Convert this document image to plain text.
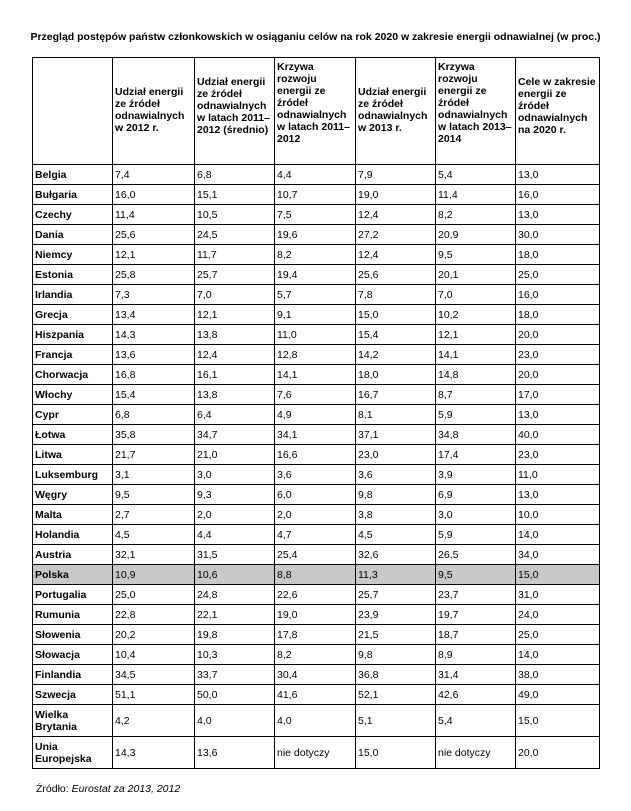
Przegląd postępów państw członkowskich w osiąganiu celów na rok 2020 w zakresie energii odnawialnej (w proc.)

	Udział energii ze źródeł odnawialnych w 2012 r.	Udział energii ze źródeł odnawialnych w latach 2011–2012 (średnio)	Krzywa rozwoju energii ze źródeł odnawialnych w latach 2011–2012	Udział energii ze źródeł odnawialnych w 2013 r.	Krzywa rozwoju energii ze źródeł odnawialnych w latach 2013–2014	Cele w zakresie energii ze źródeł odnawialnych na 2020 r.

Belgia	7,4	6,8	4,4	7,9	5,4	13,0
Bułgaria	16,0	15,1	10,7	19,0	11,4	16,0
Czechy	11,4	10,5	7,5	12,4	8,2	13,0
Dania	25,6	24,5	19,6	27,2	20,9	30,0
Niemcy	12,1	11,7	8,2	12,4	9,5	18,0
Estonia	25,8	25,7	19,4	25,6	20,1	25,0
Irlandia	7,3	7,0	5,7	7,8	7,0	16,0
Grecja	13,4	12,1	9,1	15,0	10,2	18,0
Hiszpania	14,3	13,8	11,0	15,4	12,1	20,0
Francja	13,6	12,4	12,8	14,2	14,1	23,0
Chorwacja	16,8	16,1	14,1	18,0	14,8	20,0
Włochy	15,4	13,8	7,6	16,7	8,7	17,0
Cypr	6,8	6,4	4,9	8,1	5,9	13,0
Łotwa	35,8	34,7	34,1	37,1	34,8	40,0
Litwa	21,7	21,0	16,6	23,0	17,4	23,0
Luksemburg	3,1	3,0	3,6	3,6	3,9	11,0
Węgry	9,5	9,3	6,0	9,8	6,9	13,0
Malta	2,7	2,0	2,0	3,8	3,0	10,0
Holandia	4,5	4,4	4,7	4,5	5,9	14,0
Austria	32,1	31,5	25,4	32,6	26,5	34,0
Polska	10,9	10,6	8,8	11,3	9,5	15,0
Portugalia	25,0	24,8	22,6	25,7	23,7	31,0
Rumunia	22,8	22,1	19,0	23,9	19,7	24,0
Słowenia	20,2	19,8	17,8	21,5	18,7	25,0
Słowacja	10,4	10,3	8,2	9,8	8,9	14,0
Finlandia	34,5	33,7	30,4	36,8	31,4	38,0
Szwecja	51,1	50,0	41,6	52,1	42,6	49,0
Wielka Brytania	4,2	4,0	4,0	5,1	5,4	15,0
Unia Europejska	14,3	13,6	nie dotyczy	15,0	nie dotyczy	20,0
Źródło: Eurostat za 2013, 2012
